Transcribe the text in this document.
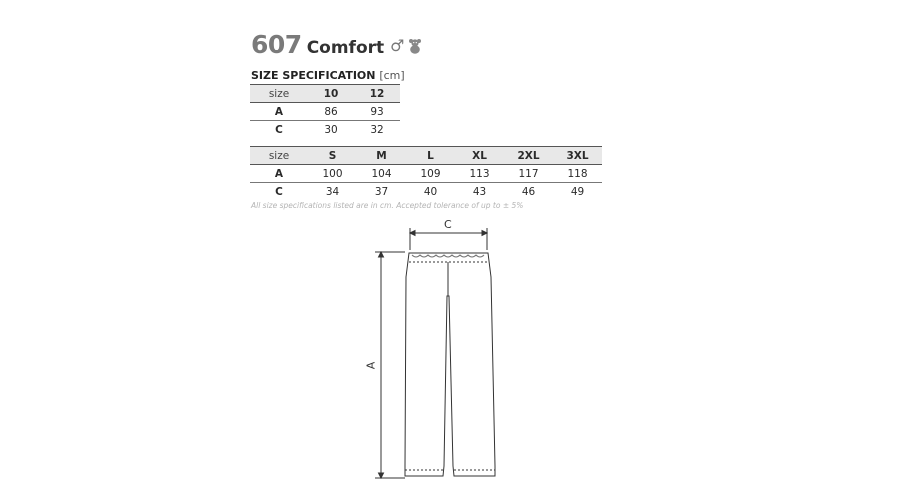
607 Comfort ♂
SIZE SPECIFICATION [cm]
size	10	12
A	86	93
C	30	32
size	S	M	L	XL	2XL	3XL
A	100	104	109	113	117	118
C	34	37	40	43	46	49
All size specifications listed are in cm. Accepted tolerance of up to ± 5%
C
A
